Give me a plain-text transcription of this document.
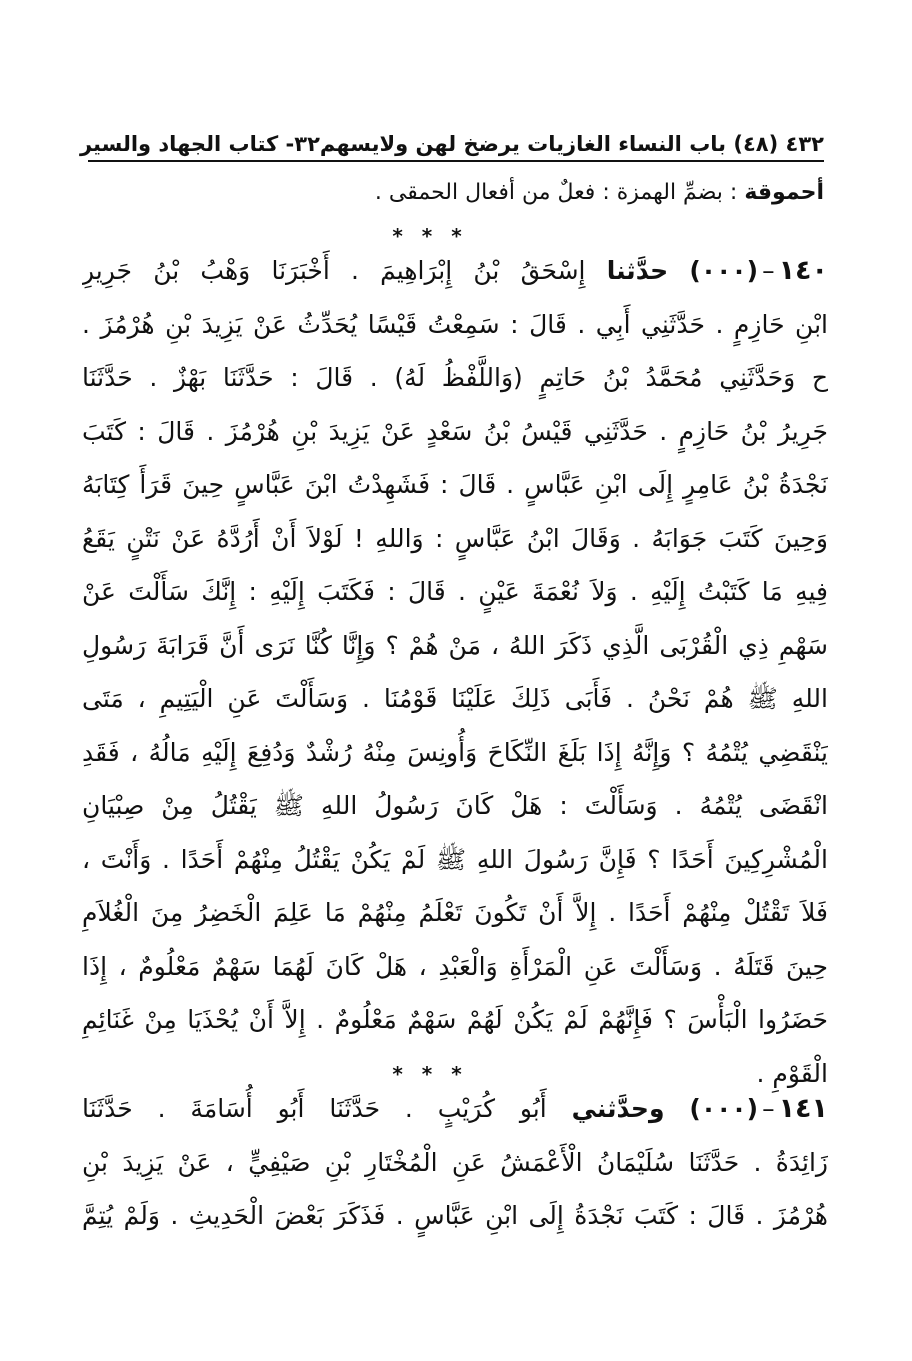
٤٣٢ (٤٨) باب النساء الغازيات يرضخ لهن ولايسهم
٣٢- كتاب الجهاد والسير
أحموقة : بضمِّ الهمزة : فعلٌ من أفعال الحمقى .
* * *
١٤٠–(٠٠٠) حدَّثنا إِسْحَقُ بْنُ إِبْرَاهِيمَ . أَخْبَرَنَا وَهْبُ بْنُ جَرِيرِ
ابْنِ حَازِمٍ . حَدَّثَنِي أَبِي . قَالَ : سَمِعْتُ قَيْسًا يُحَدِّثُ عَنْ يَزِيدَ بْنِ هُرْمُزَ .
ح وَحَدَّثَنِي مُحَمَّدُ بْنُ حَاتِمٍ (وَاللَّفْظُ لَهُ) . قَالَ : حَدَّثَنَا بَهْزٌ . حَدَّثَنَا
جَرِيرُ بْنُ حَازِمٍ . حَدَّثَنِي قَيْسُ بْنُ سَعْدٍ عَنْ يَزِيدَ بْنِ هُرْمُزَ . قَالَ : كَتَبَ
نَجْدَةُ بْنُ عَامِرٍ إِلَى ابْنِ عَبَّاسٍ . قَالَ : فَشَهِدْتُ ابْنَ عَبَّاسٍ حِينَ قَرَأَ كِتَابَهُ
وَحِينَ كَتَبَ جَوَابَهُ . وَقَالَ ابْنُ عَبَّاسٍ : وَاللهِ ! لَوْلاَ أَنْ أَرُدَّهُ عَنْ نَتْنٍ يَقَعُ
فِيهِ مَا كَتَبْتُ إِلَيْهِ . وَلاَ نُعْمَةَ عَيْنٍ . قَالَ : فَكَتَبَ إِلَيْهِ : إِنَّكَ سَأَلْتَ عَنْ
سَهْمِ ذِي الْقُرْبَى الَّذِي ذَكَرَ اللهُ ، مَنْ هُمْ ؟ وَإِنَّا كُنَّا نَرَى أَنَّ قَرَابَةَ رَسُولِ
اللهِ ﷺ هُمْ نَحْنُ . فَأَبَى ذَلِكَ عَلَيْنَا قَوْمُنَا . وَسَأَلْتَ عَنِ الْيَتِيمِ ، مَتَى
يَنْقَضِي يُتْمُهُ ؟ وَإِنَّهُ إِذَا بَلَغَ النِّكَاحَ وَأُونِسَ مِنْهُ رُشْدٌ وَدُفِعَ إِلَيْهِ مَالُهُ ، فَقَدِ
انْقَضَى يُتْمُهُ . وَسَأَلْتَ : هَلْ كَانَ رَسُولُ اللهِ ﷺ يَقْتُلُ مِنْ صِبْيَانِ
الْمُشْرِكِينَ أَحَدًا ؟ فَإِنَّ رَسُولَ اللهِ ﷺ لَمْ يَكُنْ يَقْتُلُ مِنْهُمْ أَحَدًا . وَأَنْتَ ،
فَلاَ تَقْتُلْ مِنْهُمْ أَحَدًا . إِلاَّ أَنْ تَكُونَ تَعْلَمُ مِنْهُمْ مَا عَلِمَ الْخَضِرُ مِنَ الْغُلاَمِ
حِينَ قَتَلَهُ . وَسَأَلْتَ عَنِ الْمَرْأَةِ وَالْعَبْدِ ، هَلْ كَانَ لَهُمَا سَهْمٌ مَعْلُومٌ ، إِذَا
حَضَرُوا الْبَأْسَ ؟ فَإِنَّهُمْ لَمْ يَكُنْ لَهُمْ سَهْمٌ مَعْلُومٌ . إِلاَّ أَنْ يُحْذَيَا مِنْ غَنَائِمِ
الْقَوْمِ .
* * *
١٤١–(٠٠٠) وحدَّثني أَبُو كُرَيْبٍ . حَدَّثَنَا أَبُو أُسَامَةَ . حَدَّثَنَا
زَائِدَةُ . حَدَّثَنَا سُلَيْمَانُ الْأَعْمَشُ عَنِ الْمُخْتَارِ بْنِ صَيْفِيٍّ ، عَنْ يَزِيدَ بْنِ
هُرْمُزَ . قَالَ : كَتَبَ نَجْدَةُ إِلَى ابْنِ عَبَّاسٍ . فَذَكَرَ بَعْضَ الْحَدِيثِ . وَلَمْ يُتِمَّ
